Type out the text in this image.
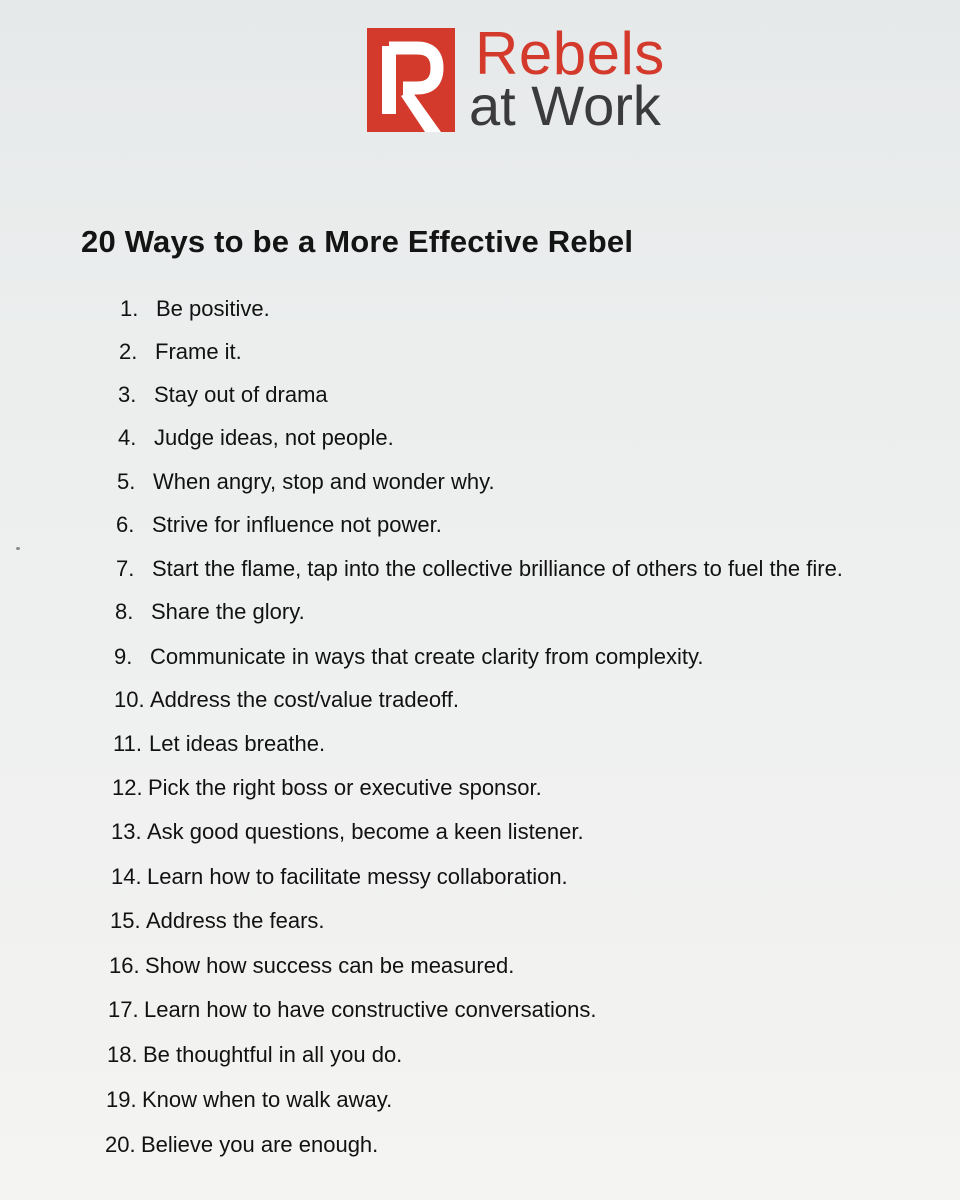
Rebels
at Work
20 Ways to be a More Effective Rebel
1. Be positive.
2. Frame it.
3. Stay out of drama
4. Judge ideas, not people.
5. When angry, stop and wonder why.
6. Strive for influence not power.
7. Start the flame, tap into the collective brilliance of others to fuel the fire.
8. Share the glory.
9. Communicate in ways that create clarity from complexity.
10. Address the cost/value tradeoff.
11. Let ideas breathe.
12. Pick the right boss or executive sponsor.
13. Ask good questions, become a keen listener.
14. Learn how to facilitate messy collaboration.
15. Address the fears.
16. Show how success can be measured.
17. Learn how to have constructive conversations.
18. Be thoughtful in all you do.
19. Know when to walk away.
20. Believe you are enough.
